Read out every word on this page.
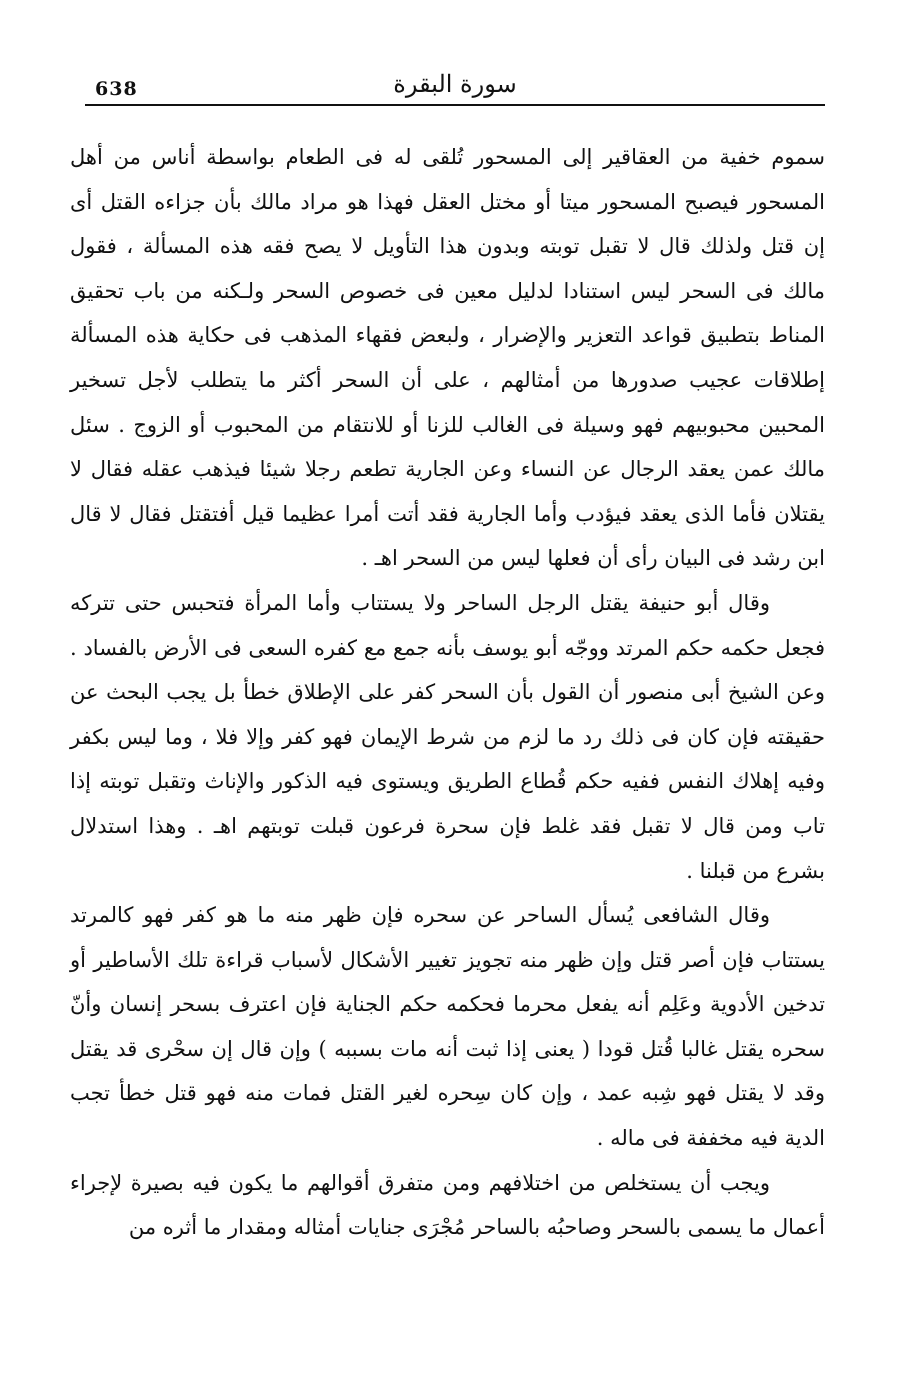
638	سورة البقرة

سموم خفية من العقاقير إلى المسحور تُلقى له فى الطعام بواسطة أناس من أهل المسحور فيصبح المسحور ميتا أو مختل العقل فهذا هو مراد مالك بأن جزاءه القتل أى إن قتل ولذلك قال لا تقبل توبته وبدون هذا التأويل لا يصح فقه هذه المسألة ، فقول مالك فى السحر ليس استنادا لدليل معين فى خصوص السحر ولـكنه من باب تحقيق المناط بتطبيق قواعد التعزير والإضرار ، ولبعض فقهاء المذهب فى حكاية هذه المسألة إطلاقات عجيب صدورها من أمثالهم ، على أن السحر أكثر ما يتطلب لأجل تسخير المحبين محبوبيهم فهو وسيلة فى الغالب للزنا أو للانتقام من المحبوب أو الزوج . سئل مالك عمن يعقد الرجال عن النساء وعن الجارية تطعم رجلا شيئا فيذهب عقله فقال لا يقتلان فأما الذى يعقد فيؤدب وأما الجارية فقد أتت أمرا عظيما قيل أفتقتل فقال لا قال ابن رشد فى البيان رأى أن فعلها ليس من السحر اهـ .

وقال أبو حنيفة يقتل الرجل الساحر ولا يستتاب وأما المرأة فتحبس حتى تتركه فجعل حكمه حكم المرتد ووجّه أبو يوسف بأنه جمع مع كفره السعى فى الأرض بالفساد . وعن الشيخ أبى منصور أن القول بأن السحر كفر على الإطلاق خطأ بل يجب البحث عن حقيقته فإن كان فى ذلك رد ما لزم من شرط الإيمان فهو كفر وإلا فلا ، وما ليس بكفر وفيه إهلاك النفس ففيه حكم قُطاع الطريق ويستوى فيه الذكور والإناث وتقبل توبته إذا تاب ومن قال لا تقبل فقد غلط فإن سحرة فرعون قبلت توبتهم اهـ . وهذا استدلال بشرع من قبلنا .

وقال الشافعى يُسأل الساحر عن سحره فإن ظهر منه ما هو كفر فهو كالمرتد يستتاب فإن أصر قتل وإن ظهر منه تجويز تغيير الأشكال لأسباب قراءة تلك الأساطير أو تدخين الأدوية وعَلِم أنه يفعل محرما فحكمه حكم الجناية فإن اعترف بسحر إنسان وأنّ سحره يقتل غالبا قُتل قودا ( يعنى إذا ثبت أنه مات بسببه ) وإن قال إن سحْرى قد يقتل وقد لا يقتل فهو شِبه عمد ، وإن كان سِحره لغير القتل فمات منه فهو قتل خطأ تجب الدية فيه مخففة فى ماله .

ويجب أن يستخلص من اختلافهم ومن متفرق أقوالهم ما يكون فيه بصيرة لإجراء أعمال ما يسمى بالسحر وصاحبُه بالساحر مُجْرَى جنايات أمثاله ومقدار ما أثره من
